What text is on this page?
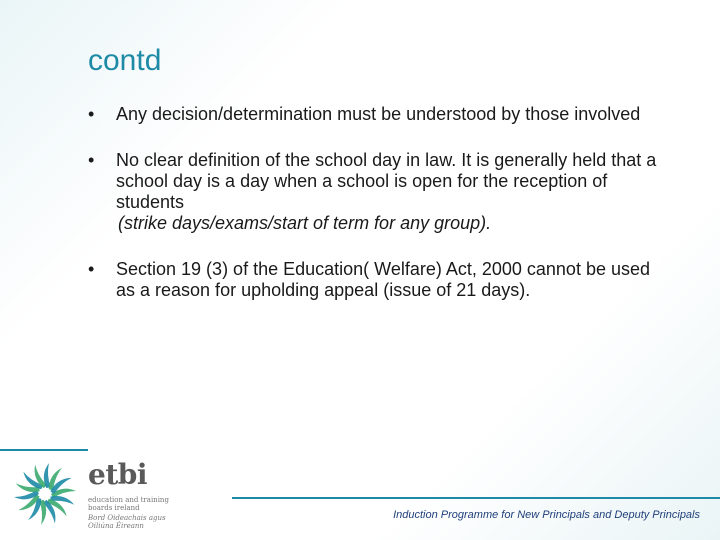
contd
•	Any decision/determination must be understood by those involved
•	No clear definition of the school day in law. It is generally held that a school day is a day when a school is open for the reception of students
(strike days/exams/start of term for any group).
•	Section 19 (3) of the Education( Welfare) Act, 2000 cannot be used as a reason for upholding appeal (issue of 21 days).
etbi
education and training
boards ireland
Bord Oideachais agus
Oiliúna Éireann
Induction Programme for New Principals and Deputy Principals
